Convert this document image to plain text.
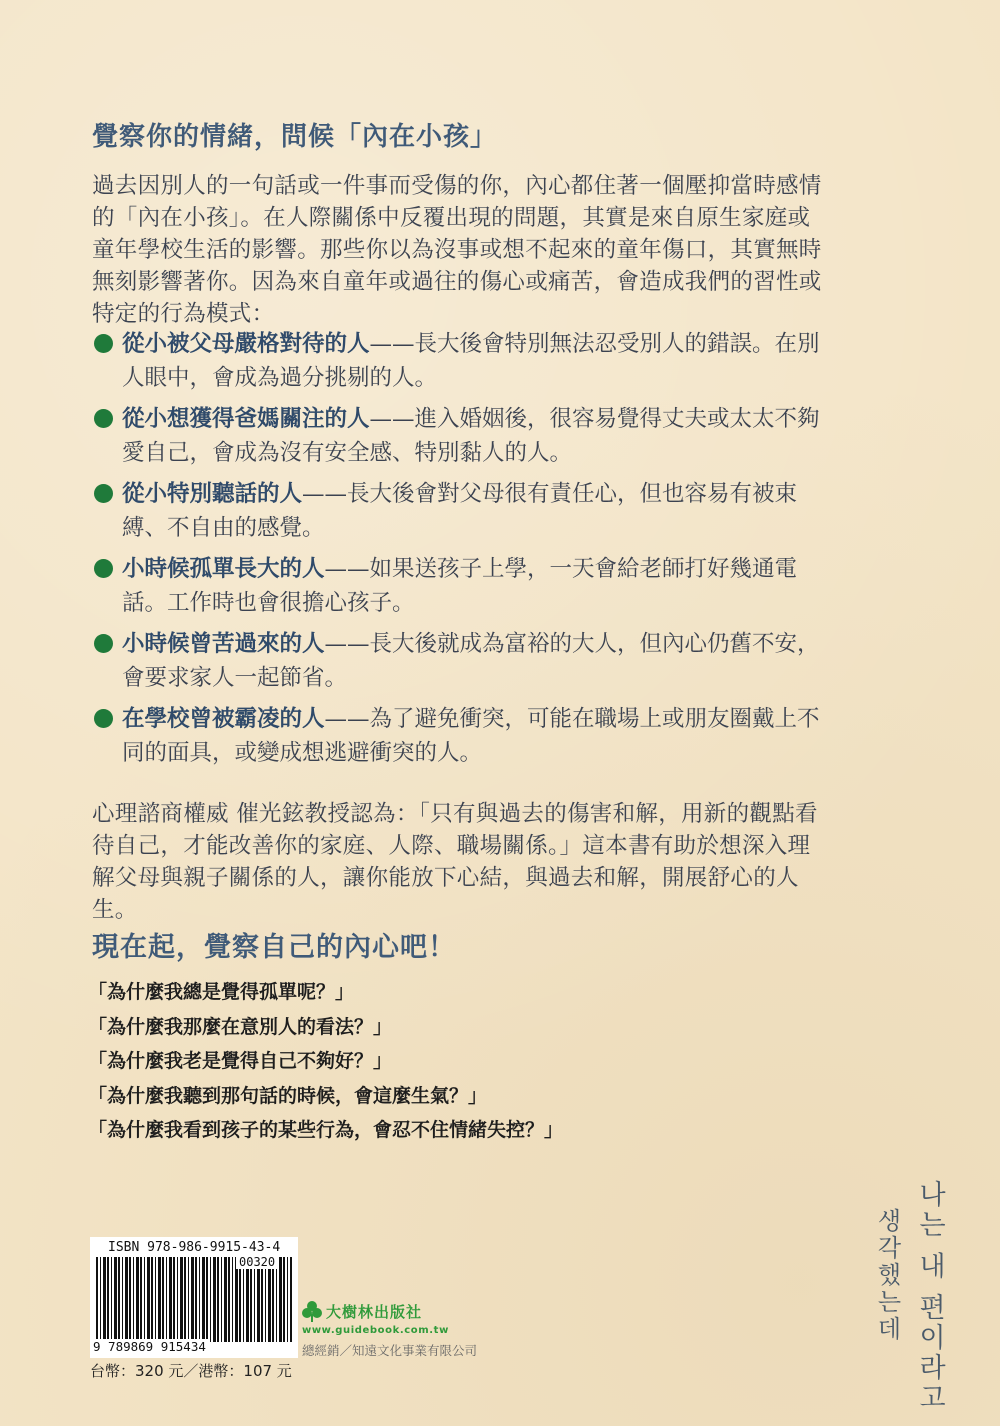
覺察你的情緒，問候「內在小孩」
過去因別人的一句話或一件事而受傷的你，內心都住著一個壓抑當時感情的「內在小孩」。在人際關係中反覆出現的問題，其實是來自原生家庭或童年學校生活的影響。那些你以為沒事或想不起來的童年傷口，其實無時無刻影響著你。因為來自童年或過往的傷心或痛苦，會造成我們的習性或特定的行為模式：
從小被父母嚴格對待的人——長大後會特別無法忍受別人的錯誤。在別人眼中，會成為過分挑剔的人。
從小想獲得爸媽關注的人——進入婚姻後，很容易覺得丈夫或太太不夠愛自己，會成為沒有安全感、特別黏人的人。
從小特別聽話的人——長大後會對父母很有責任心，但也容易有被束縛、不自由的感覺。
小時候孤單長大的人——如果送孩子上學，一天會給老師打好幾通電話。工作時也會很擔心孩子。
小時候曾苦過來的人——長大後就成為富裕的大人，但內心仍舊不安，會要求家人一起節省。
在學校曾被霸凌的人——為了避免衝突，可能在職場上或朋友圈戴上不同的面具，或變成想逃避衝突的人。
心理諮商權威 催光鉉教授認為：「只有與過去的傷害和解，用新的觀點看待自己，才能改善你的家庭、人際、職場關係。」這本書有助於想深入理解父母與親子關係的人，讓你能放下心結，與過去和解，開展舒心的人生。
現在起，覺察自己的內心吧！
「為什麼我總是覺得孤單呢？」
「為什麼我那麼在意別人的看法？」
「為什麼我老是覺得自己不夠好？」
「為什麼我聽到那句話的時候，會這麼生氣？」
「為什麼我看到孩子的某些行為，會忍不住情緒失控？」
ISBN 978-986-9915-43-4
00320
9 789869 915434
台幣：320 元／港幣：107 元
大樹林出版社
www.guidebook.com.tw
總經銷／知遠文化事業有限公司	나는 내 편이라고
생각했는데
